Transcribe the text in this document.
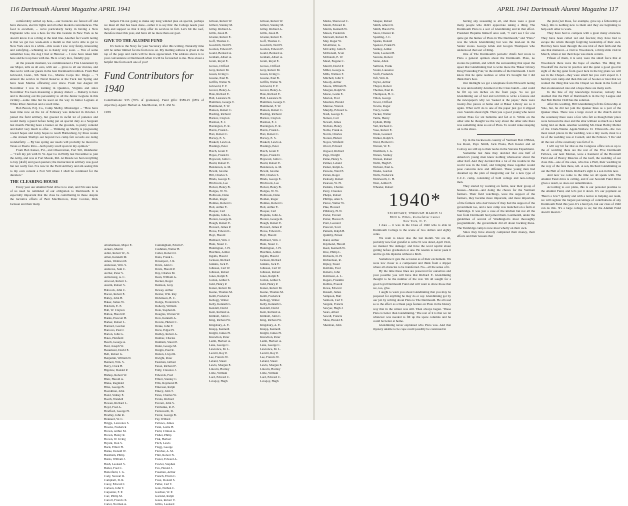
116 Dartmouth Alumni Magazine APRIL 1941

comfortably settled up here,—our barracks are fenced off and have showers, electric lights and all other modern conveniences. The food is excellent, ... we're particularly lucky in having a New Englander who was a hero for the Rio Grande in New York as he doesn't know it as a thing at the land line. Another fact worth noting is that we get two week-ends a month so that we're able to get to New York once in a while—this week I saw very funny, interesting and satisfying—whisking us to handy very soon. ... You of some remember Jose, the dog I had at Hanover ... I now have taken him here and he is up here with me. He is a very nice, friendly guy.

At the present moment, we commissioned a Fire Lieutenant by our Major, tells us all ears, with our ... gives to all our movies, and thus we're with our guests in the best Dartmouth tradition. From Bud Griswold, Lieut., 9th Tank Co., Marine Corps Inc. Diego ... "I entered the service in Naval Reserve at the Tuck last Spring and have been Marine officering ever since. From last August till November I was in training in Quantico, Virginia and since November I've been mastering a phoney dialect ... Doherty is here and is throwing out his personality to all the Junior Legions in this vicinity—some time but he used on the way in Junior Legions at White River Junction and a swell time.

Bob Bacon, P.Q. Co., Camp Shelby, Mississippi ... "How have been time now on the 1st of February was inducted in October. I joined the field artillery, but greeted in awful lot of patience and would many a guard before being put on special duty as a Sergeant last month. Having been a buzzer on the grounds, to pretty contend and hadn't very much to offer. ... Thinking up Shelby is progressing toward hopes and today hopes to reach Hattiesburg, by three weeks—the sixteen Shelbys out beyond two camp fair records are doing wonderfully. ... By late spring our needs will probably be moved to Texas or Puerto Rico—both pretty swell spots in my opinion."

From Bob Kaiser, Pvt., and Observation, Fort Sill, Oklahoma: ... "I left my job with N. W. Ayer Co in Philly last November to join the Army, and was at Fort Meade, Md. At Meade we had everything to buy (draft) and good quarters; the instruction in artillery was good but not really fast. I've now in the Field Artillery and am seeing this to my own content a Fort Sill where I shall be continued for the duration."

THE CLEARING HOUSE

Every year our Alumni Fund drive is to start, and I'm sure none of us need be reminded of our obligation to Dartmouth. It is especially important that the class be contributing in these despite the lucrative efforts of Bert MacMorrow, Peter Cordon, Dick Jackson and their many

helpers I'm not going to make any long winded plea on special, perhaps we must all that has been done—rather it to say this: the College needs your help and support so that it may offer its services in full. Let's hit the roof, therefore meet this year, and have all no more than our goal.

GIVE TO THE ALUMNI FUND

It's back to the Navy for your Secretary after this writing. Naturally time will be rather limited for me from now on. My mailing address is given at the top of the page and cards will be more appreciated. The address above is to your convenience at Dartmouth when it will be forwarded to me. How about a helpful line from each one of you?

Fund Contributors for 1940

Contributions: 935 (70% of graduates). Fund gifts: $589.25 (68% of objective). Agent: Herbert A. MacMorran, 10 E. 43d St.

1939

Abrahamson, Major E.
Ackers, Merritt
Adler, Robert W., Jr.
Allen, Kenneth M.
Ames, Wentworth
Anderson, Wm. S.
Andrews, Sam C.
Archer, Peter S.
Armstrong, A. C.
Atwood, Robert L.
Austin, Robert S.
Babcock, John C.
Bacon, Robert E.
Bailey, John H.
Baker, James W.
Baldwin, E. E.
Ball, W. Clayton
Ballou, Harold P.
Banks, Prescott H.
Barker, Robert L.
Barnard, Gordon
Barrows, Paul J.
Barton, John G.
Bates, Hanfield
Beach, George A.
Beal, Joseph W.
Beaumont, David E.
Bell, Robert G.
Benjamin, William N.
Bennett, Wm. S.
Berry, Clark H.
Bigelow, Donald P.
Bishop, Robert W.
Blair, Harold A.
Blake, Reginald
Bliss, George B.
Boardman, John
Bond, Sidney E.
Booth, Wendell
Bowen, Richard L.
Boyd, Fred A.
Bradford, George H.
Bradley, John R.
Brainerd, W. C.
Briggs, Lawrence S.
Brooks, Frederick
Brown, Arthur M.
Brown, Henry R.
Brown, W. Irving
Bryant, Don S.
Buck, Elliott H.
Burke, Donald W.
Burnham, Philip
Burns, William J.
Bush, Leonard S.
Butler, Fred C.
Butterfield, J. G.
Cady, Stewart R.
Campbell, D. R.
Carey, Edward J.
Carlson, John T.
Carpenter, F. P.
Carr, Philip M.
Carroll, Francis X.
Carter, Norman A.
Cunningham, Edwin F.
Cushman, Walter H.
Cutler, Robert O.
Dana, Frank L.
Davenport, J. R.
Davis, Alan C.
Davis, Harold P.
Day, Charles M.
Dean, William A.
Decker, Roger
Denison, Gray
Dewey, Arthur
Dexter, Wm. Ray
Dickinson, B. C.
Dodge, Frederick S.
Doherty, William
Dole, Stephen R.
Douglas, Warren W.
Dow, Kenneth A.
Downs, Hubert C.
Drake, John F.
Drew, Edgar H.
Dudley, Robert A.
Dunbar, Charles
Dunham, Stuart P.
Dunn, George M.
Durgin, Paul R.
Dutton, Lloyd R.
Dwight, Peter
Eastman, Gilbert
Eaton, Richard F.
Eddy, Clarence J.
Edwards, Fred
Elliott, Stanley C.
Ellis, Raymond H.
Emerson, Ralph
Emery, John T.
Estes, Charles W.
Evans, Richard
Everett, John S.
Fairbanks, R. E.
Farnsworth, D.
Farrar, George B.
Fay, Willard
Fellows, James
Fenn, Leslie H.
Field, Clinton A.
Fisher, Philip
Fisk, Herbert
Fitch, Lewis
Flagg, George
Fletcher, A. M.
Flint, Robert N.
Foster, Edward A.
Fowler, Stephen
Fox, Harold J.
Freeman, Arthur
French, Elwin C.
Frost, Donald S.
Fuller, Carl T.
Gale, Nathan C.
Gardner, W. P.
Garland, Ralph
Gates, Robert V.
Gibbs, Leonard
Gibson, Robert W.
Gilbert, Stanley M.
Gilley, Richard A.
Gillis, Jason B.
Glazier, Robert E.
Goff, Thomas C.
Goodrich, Neil H.
Gordon, Edward F.
Gould, Bernard A.
Graham, Albert A.
Grant, Royal E.
Graves, Clifford
Gray, Robert M.
Green, Irving C.
Greene, Paul B.
Griffin, Walter N.
Griswold, F. F.
Grover, Henry A.
Hale, Richard E.
Hall, Laurence N.
Hamilton, George T.
Hammond, F. W.
Hanson, Robert C.
Harding, Richard
Harlow, Clayton
Harmon, E. J.
Harrington, E. R.
Harris, Frank L.
Hart, Robert C.
Harvey, E. S.
Haskell, Lewis A.
Hastings, Peter
Hatch, Grant F.
Hayes, Frank D.
Hayward, John C.
Heald, Robert E.
Henderson, A. M.
Hewitt, Jerome
Hill, Charles S.
Hinds, George E.
Hitchcock, Lee
Hobart, Henry B.
Hodges, W. W.
Holbrook, Dana
Holden, Roger
Holmes, Robert C.
Holt, Arthur E.
Hooper, Carl
Hopkins, John A.
Horton, George R.
Hough, Robert E.
Howard, James P.
Howe, Edward L.
Hoyt, Harold
Hubbard, Wm. J.
Hunt, Stuart C.
Huntington, J. H.
Hutchins, Arthur
Ingalls, Harold
Jackson, Richard
Jenkins, Jack E.
Johnson, Carl W.
Johnson, Robert
Jones, Ralph E.
Jordan, Arthur S.
Judd, Henry P.
Kaiser, Robert M.
Keene, Thomas M.
Keith, Frederick
Kellogg, Walter
Kelly, Kenneth L.
Kendall, David
Kent, Rolland A.
Kimball, John C.
King, Richard W.
Kingsbury, A. E.
Knapp, Kenneth
Knight, James H.
Knowlton, Peter
Lamb, Herbert A.
Lane, George C.
Lawrence, M. L.
Leavitt, Roy P.
Lee, Francis W.
Leland, Stuart
Lewis, Morgan E.
Lincoln, Hartley
Little, William
Lord, Edward C.
Lovejoy, Hugh
Gibson, Robert W.
Gilbert, Stanley M.
Gilley, Richard A.
Gillis, Jason B.
Glazier, Robert E.
Goff, Thomas C.
Goodrich, Neil H.
Gordon, Edward F.
Gould, Bernard A.
Graham, Albert A.
Grant, Royal E.
Graves, Clifford
Gray, Robert M.
Green, Irving C.
Greene, Paul B.
Griffin, Walter N.
Griswold, F. F.
Grover, Henry A.
Hale, Richard E.
Hall, Laurence N.
Hamilton, George T.
Hammond, F. W.
Hanson, Robert C.
Harding, Richard
Harlow, Clayton
Harmon, E. J.
Harrington, E. R.
Harris, Frank L.
Hart, Robert C.
Harvey, E. S.
Haskell, Lewis A.
Hastings, Peter
Hatch, Grant F.
Hayes, Frank D.
Hayward, John C.
Heald, Robert E.
Henderson, A. M.
Hewitt, Jerome
Hill, Charles S.
Hinds, George E.
Hitchcock, Lee
Hobart, Henry B.
Hodges, W. W.
Holbrook, Dana
Holden, Roger
Holmes, Robert C.
Holt, Arthur E.
Hooper, Carl
Hopkins, John A.
Horton, George R.
Hough, Robert E.
Howard, James P.
Howe, Edward L.
Hoyt, Harold
Hubbard, Wm. J.
Hunt, Stuart C.
Huntington, J. H.
Hutchins, Arthur
Ingalls, Harold
Jackson, Richard
Jenkins, Jack E.
Johnson, Carl W.
Johnson, Robert
Jones, Ralph E.
Jordan, Arthur S.
Judd, Henry P.
Kaiser, Robert M.
Keene, Thomas M.
Keith, Frederick
Kellogg, Walter
Kelly, Kenneth L.
Kendall, David
Kent, Rolland A.
Kimball, John C.
King, Richard W.
Kingsbury, A. E.
Knapp, Kenneth
Knight, James H.
Knowlton, Peter
Lamb, Herbert A.
Lane, George C.
Lawrence, M. L.
Leavitt, Roy P.
Lee, Francis W.
Leland, Stuart
Lewis, Morgan E.
Lincoln, Hartley
Little, William
Lord, Edward C.
Lovejoy, Hugh
APRIL 1941 Dartmouth Alumni Magazine 117
Marks, Sherwood C.
Marsh, Edward R.
Martin, Kenneth W.
Mason, Frederick
Maxwell, Robert B.
May, Roger W.
McAllister, G.
McCarthy, John E.
McDonald, Scott
McIntosh, E. W.
Mead, Eugene C.
Merrill, David P.
Miller, George A.
Mills, Wallace F.
Mitchell, John T.
Moody, Arthur
Moore, William H.
Morgan, Ralph W.
Morse, Leslie E.
Morton, Fred
Moulton, Harold
Munroe, Warren
Murphy, Edward G.
Nash, George E.
Nelson, Carl
Newell, James
Nichols, Henry
Noble, Frank A.
Norris, Charles
Norton, Hubert
Noyes, Winfield
Olcott, Edward
Osgood, Richard
Page, Dwight
Paine, Henry S.
Palmer, Leland
Parker, Ralph A.
Parsons, Ward E.
Patten, Roger
Peabody, Robert
Pearson, W. H.
Perkins, Charles
Perry, Clarence
Phelps, Robert
Phillips, Alan S.
Pierce, Walter W.
Pike, Howard
Pillsbury, H. N.
Porter, Everett
Potter, Horace E.
Pratt, Leonard
Prescott, Scott
Putnam, Ralph B.
Quimby, Ernest
Rand, Arthur
Raymond, Harold
Reed, Kenneth W.
Rice, Philip L.
Richards, D. H.
Richardson, R.
Ripley, Stuart
Robbins, Fred
Roberts, John
Robinson, A. L.
Rogers, Franklin
Rollins, Everett
Rowe, Edward
Russell, James
Sampson, Burt
Sanborn, Carl T.
Sargent, Francis
Sawyer, Hugh J.
Sears, Albert
Sewall, Francis
Shaw, Harold E.
Sherman, John
Sleeper, Robert
Smith, Albert D.
Smith, Harold W.
Snow, Chester R.
Spalding, J. C.
Sparks, Donald
Spencer, Frank H.
Stanley, Arthur
Stark, Leonard B.
Stevens, Robert
Stone, Allen
Sullivan, Frank
Swain, Laurence
Swift, Frederick
Taft, Wm. R.
Taylor, Arthur
Thayer, Robert
Thomas, Paul R.
Thompson, H. C.
Tilton, George
Tower, Clifford
Towne, Roger
Tracy, Leslie
Tucker, Walter
Tuttle, Henry
Upham, Philip
Vail, Richard C.
Vose, Robert E.
Wade, Leonard
Walker, Ralph S.
Ward, Herbert C.
Warren, W. E.
Washburn, J. A.
Waters, Stanley
Watson, Robert
Webb, Hugh E.
Webster, Paul A.
Weeks, Gordon
Wells, Frederick
Wentworth, C. H.
West, Arthur E.
Wheeler, Robert

1940*

SECRETARY, THROUGH MARCH 31

BUD G. HIGG, Rockefeller Center

New York, N. Y.

I dare ... it was in the Class of 1940 who is able in Dartmouth College is the scene of two dollars and eighty cents.

We want to know also the last month. We are all, probably now feel grateful to write! It was dated, April 1941, we marked 'the damage,' and have the word reprint about getting before graduation at one. He resents to never peek it and he go his diploma without a hitch.

Somehow it gets the occasion as of their excitement. We were low closer to a component and think from a slipper where all obstacles to be transferred. No—all the sense of it.

By the time these lines are preserved for ourselves and your possible you will have that Richard E. Glendinning thought to be the number of the war. We all sought for a good loyal Dartmouth Fund and will want to show those that we, too, give.

I ought to warn you about Glendinning that you may be prepared for anything he may do or say. Glendinning got by our job by writing about Plato to The Dartmouth. He all read so to the effect as a Dean page feature on Plato in the history way that in the winter was still. Then always began. 'These Plato is better than Glendinning.' The rest of it is that we let whatever was needed to fill up the spare columns and he could be better at home.

Glendinning never explained who Plato was. And that mystery unable to be cope could possibly be construed in

having any reasoning to all, and there were a great many people who didn't appreciate taking a thing. The Dartmouth Plato is a sort of Glendinning and in that effect. President Hopkins himself once said, "I can't see I for one quite get the humor of Plato in The Dartmouth," and "Plato" was the whole Glendinning but was the lead-out in the Senior stores. George Gilek and Grogan Thompson who understood that sort of thing.

One of The Dartmouth's periodic chiefs had wrote to Plato a general opinion about the Dartmouth. Plato, no stories he publish, and which the surrounding that upset the upset that Glendinning had to write more the 'Baker Library Drug Extending Fair,' in the middle of the Dartmouth. I don't know that he quite realizes or what it's brought but I did think that's how.

Our midnight we got a telephone from Ellsworth noting he was unavoidably detained at the Class bunch—and could he fill up ten inches on the front page. So we got Glendinning out of bed and told him to write a feature and the newspaper's why we 'looked at the paper,' there were twenty-five pieces at home and at Baker Library are so it again. What we'll do is one of the paper just got it slipped over. Sounds about right. Then you a good young who never written Plato for six bulletins and fed at it. While on the other side he thought we the way about the other side there was something done as out of Plato. To would wake sleeping on to the shore.

Up in the backwoods country of Vermont Bob O'Brien, Joe Rossi, Paye Smith, Jack Plona, Bob Keeler and Al Convoy are still up to their necks in the Stevens Experiment.

Sometime last June they decided that one half of America's young men knew nothing whatsoever about the other half. And they decided that a lot of the trouble in the world was in the brief, and bringing these together would pose concerns new and different. These young men had dreamed up the plan of integrating our for a new type of C.C.C. camp, consisting of both college and non-college men.

They started by working on farms, near their group of houses—Sharon—and doing the chores for the Vermont farmers. Their field watchings, were the support of the farmers, they became more important, and more important, of the farmers who don't know if they had the support of the government too, and a new camp was launched on a farm at Tunbridge. It was just a case of the kitchen but not all the best from Dartmouth had joined them. Lastmonth, under the guidelines of several of Washington's most thoroughly programmatic, the government did all about backing these. The Tunbridge camp is now most wholly on their own.

Since they have already completed their money, their efforts and their lessons that

the plan (Art Ross, for example, gave up a fellowship at Yale), this is nothing new to them and they are beginning to help each other to work.

They have had to compete with a great many obstacles. They have been called red and fascists; they have had to escape the winds through forgiving leadership of their own. But they have been through the one trial of their faith and the one that mattered—a visit to Woodstock, a thirty-mile visit in March, when at last their hope was made certain.

Fifteen of them, it is said, were the small force that at Woodstock there were the hope of another. The thing Dr. Woodruff the doctor in practice and the quiet a good good in sight of the big quiet from good luck in the big plans we will see in the Chapel—they were small but you can't expect it. I had my own camp and then this sort of Sooner or later that we wanted the thing that was the Chapel we made in the form of that an announced rate and a hope there are many such.

In the line of my knowledge however, nobody has doubted that the Hall of Dartmouth is in the Ivy League and that Bob Mellot 1940 has the solution.

After his wedding, Bill Glendinning left his fellowship at Yale, but, he did not join the Quaker lines as a part of the Quaker Ones. There was a large crowd at the church and in the ceremony there were a few who felt as though their place were between the door and the altar without as much as a hand being laid on them. Another wedding Mr. Dean Bobby Mellot of the Clark-Wanna Agent-Wallace D. Ellsworth—the two most noted places in the wedding, was a tiny room, most is a lot of the wedding was at Cornell, and the Fellows. 'I Do' and all the rest of the ceremony was full of it.

I will say bit for that as the Congress office ten as up to the of wedding there are the rest of the Five Dartmouth Fellows, our next Marion, were a Kennard of the Brownell Field and of Heavy Muscles of the Gulf, the wedding of our class this—one of the ones, who has a Hall, their wedding in the way of the fans there, tell. A son, Richard Glendinning as out the Hall of 112 Main. Richard's sight is a son in this new.

And now we come to the time we all speak with. The Alumni Fund drive is calling, and if our Seventh Fund Drive gives a result, so does our remembrance.

According to our plans, this is our personal promise to the Alumni Fund, and let's put it down. It's our payment on 'Here's a Jew'? Quietly and with a notice to helping our team, we will register the largest percentage of contributions of any Dartmouth Fund this year. It's a hard job, but our class of 1940 can do this. 'It's a large college to us; but the Alumni Fund doesn't mean it.'
